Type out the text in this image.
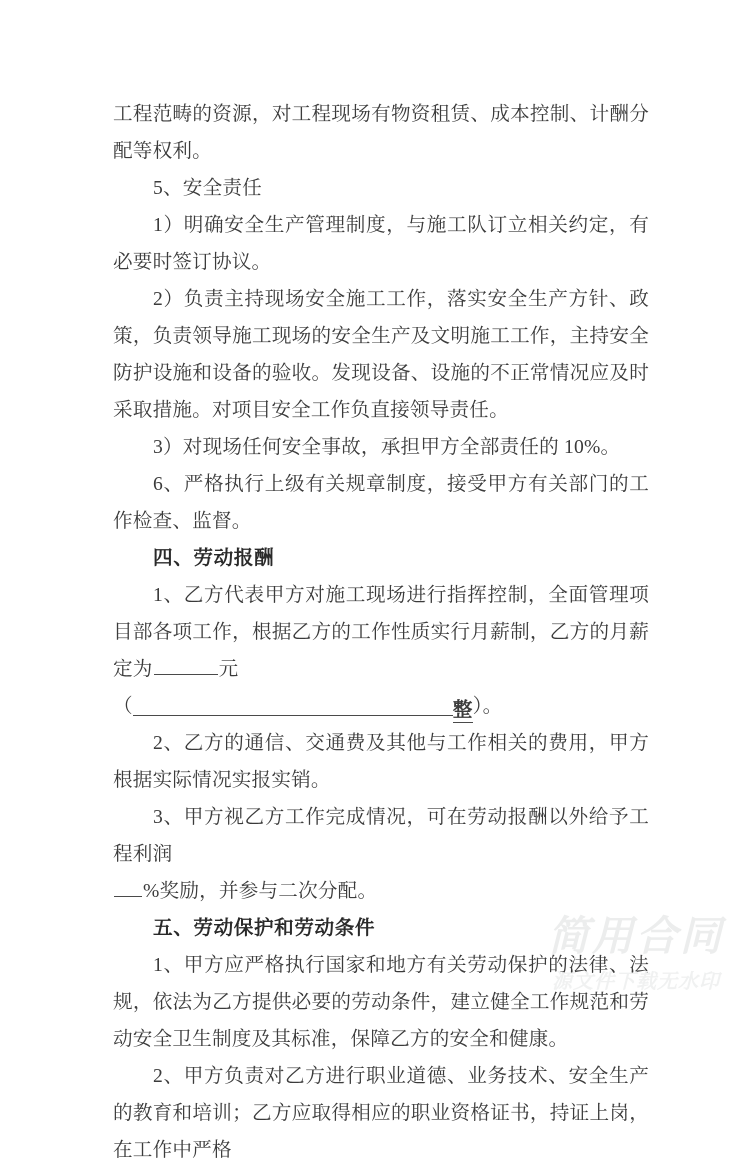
工程范畴的资源，对工程现场有物资租赁、成本控制、计酬分配等权利。

5、安全责任

1）明确安全生产管理制度，与施工队订立相关约定，有必要时签订协议。

2）负责主持现场安全施工工作，落实安全生产方针、政策，负责领导施工现场的安全生产及文明施工工作，主持安全防护设施和设备的验收。发现设备、设施的不正常情况应及时采取措施。对项目安全工作负直接领导责任。

3）对现场任何安全事故，承担甲方全部责任的 10%。

6、严格执行上级有关规章制度，接受甲方有关部门的工作检查、监督。

四、劳动报酬

1、乙方代表甲方对施工现场进行指挥控制，全面管理项目部各项工作，根据乙方的工作性质实行月薪制，乙方的月薪定为	元

（	整）。

2、乙方的通信、交通费及其他与工作相关的费用，甲方根据实际情况实报实销。

3、甲方视乙方工作完成情况，可在劳动报酬以外给予工程利润
%奖励，并参与二次分配。

五、劳动保护和劳动条件

1、甲方应严格执行国家和地方有关劳动保护的法律、法规，依法为乙方提供必要的劳动条件，建立健全工作规范和劳动安全卫生制度及其标准，保障乙方的安全和健康。

2、甲方负责对乙方进行职业道德、业务技术、安全生产的教育和培训；乙方应取得相应的职业资格证书，持证上岗，在工作中严格

简用合同
源文件下载无水印
